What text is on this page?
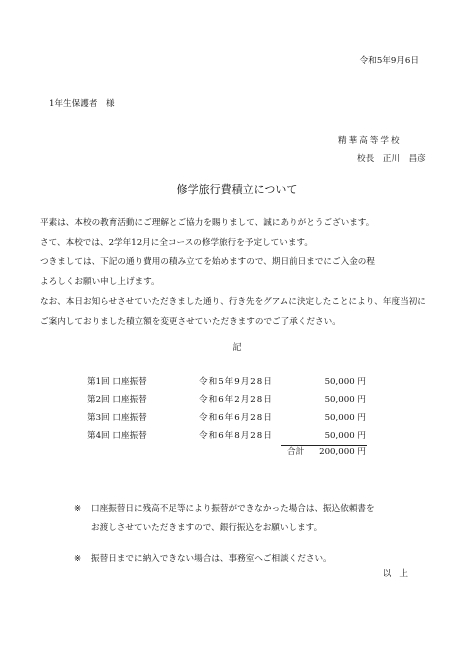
令和5年9月6日
1年生保護者　様
精華高等学校
校長　正川　昌彦
修学旅行費積立について
平素は、本校の教育活動にご理解とご協力を賜りまして、誠にありがとうございます。
さて、本校では、2学年12月に全コースの修学旅行を予定しています。
つきましては、下記の通り費用の積み立てを始めますので、期日前日までにご入金の程
よろしくお願い申し上げます。
なお、本日お知らせさせていただきました通り、行き先をグアムに決定したことにより、年度当初に
ご案内しておりました積立額を変更させていただきますのでご了承ください。
記
第1回 口座振替	令和5年9月28日	50,000 円
第2回 口座振替	令和6年2月28日	50,000 円
第3回 口座振替	令和6年6月28日	50,000 円
第4回 口座振替	令和6年8月28日	50,000 円
合計 200,000 円
※ 口座振替日に残高不足等により振替ができなかった場合は、振込依頼書を
お渡しさせていただきますので、銀行振込をお願いします。
※ 振替日までに納入できない場合は、事務室へご相談ください。
以上
